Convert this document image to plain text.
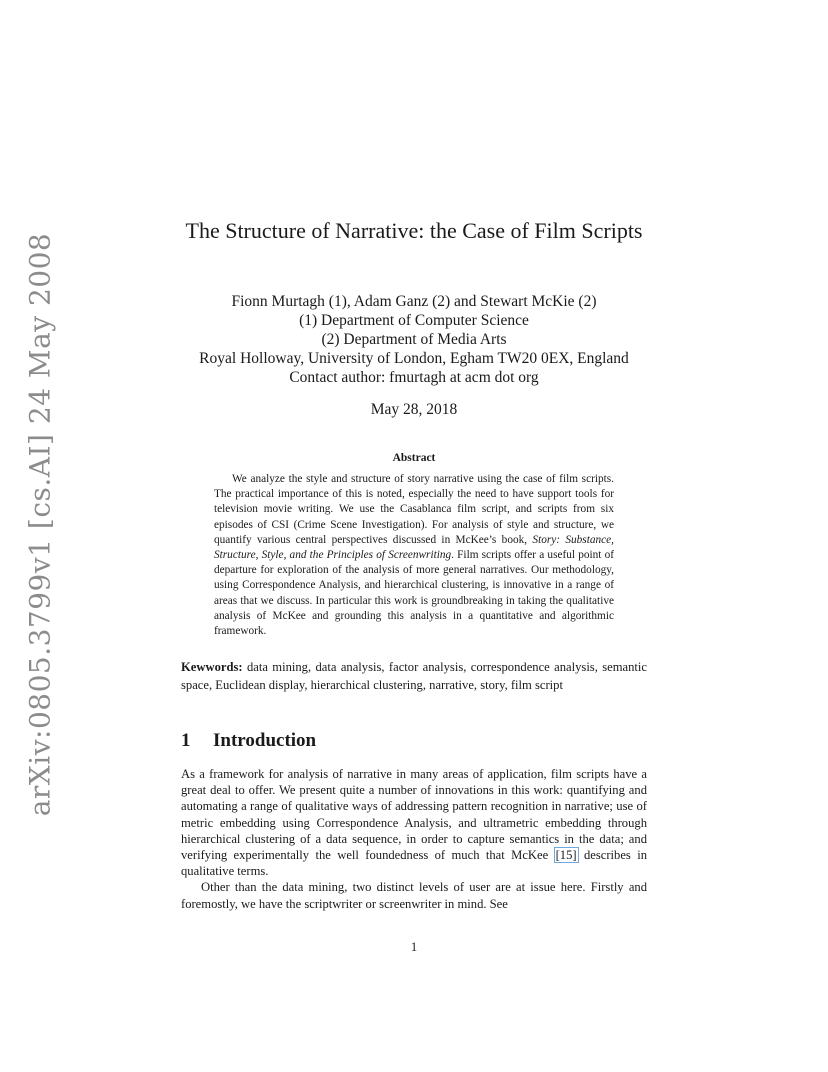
arXiv:0805.3799v1 [cs.AI] 24 May 2008
The Structure of Narrative: the Case of Film Scripts
Fionn Murtagh (1), Adam Ganz (2) and Stewart McKie (2)
(1) Department of Computer Science
(2) Department of Media Arts
Royal Holloway, University of London, Egham TW20 0EX, England
Contact author: fmurtagh at acm dot org
May 28, 2018
Abstract
We analyze the style and structure of story narrative using the case of film scripts. The practical importance of this is noted, especially the need to have support tools for television movie writing. We use the Casablanca film script, and scripts from six episodes of CSI (Crime Scene Investigation). For analysis of style and structure, we quantify various central perspectives discussed in McKee’s book, Story: Substance, Structure, Style, and the Principles of Screenwriting. Film scripts offer a useful point of departure for exploration of the analysis of more general narratives. Our methodology, using Correspondence Analysis, and hierarchical clustering, is innovative in a range of areas that we discuss. In particular this work is groundbreaking in taking the qualitative analysis of McKee and grounding this analysis in a quantitative and algorithmic framework.
Kewwords: data mining, data analysis, factor analysis, correspondence analysis, semantic space, Euclidean display, hierarchical clustering, narrative, story, film script
1 Introduction

As a framework for analysis of narrative in many areas of application, film scripts have a great deal to offer. We present quite a number of innovations in this work: quantifying and automating a range of qualitative ways of addressing pattern recognition in narrative; use of metric embedding using Correspondence Analysis, and ultrametric embedding through hierarchical clustering of a data sequence, in order to capture semantics in the data; and verifying experimentally the well foundedness of much that McKee [15] describes in qualitative terms.

Other than the data mining, two distinct levels of user are at issue here. Firstly and foremostly, we have the scriptwriter or screenwriter in mind. See

1
